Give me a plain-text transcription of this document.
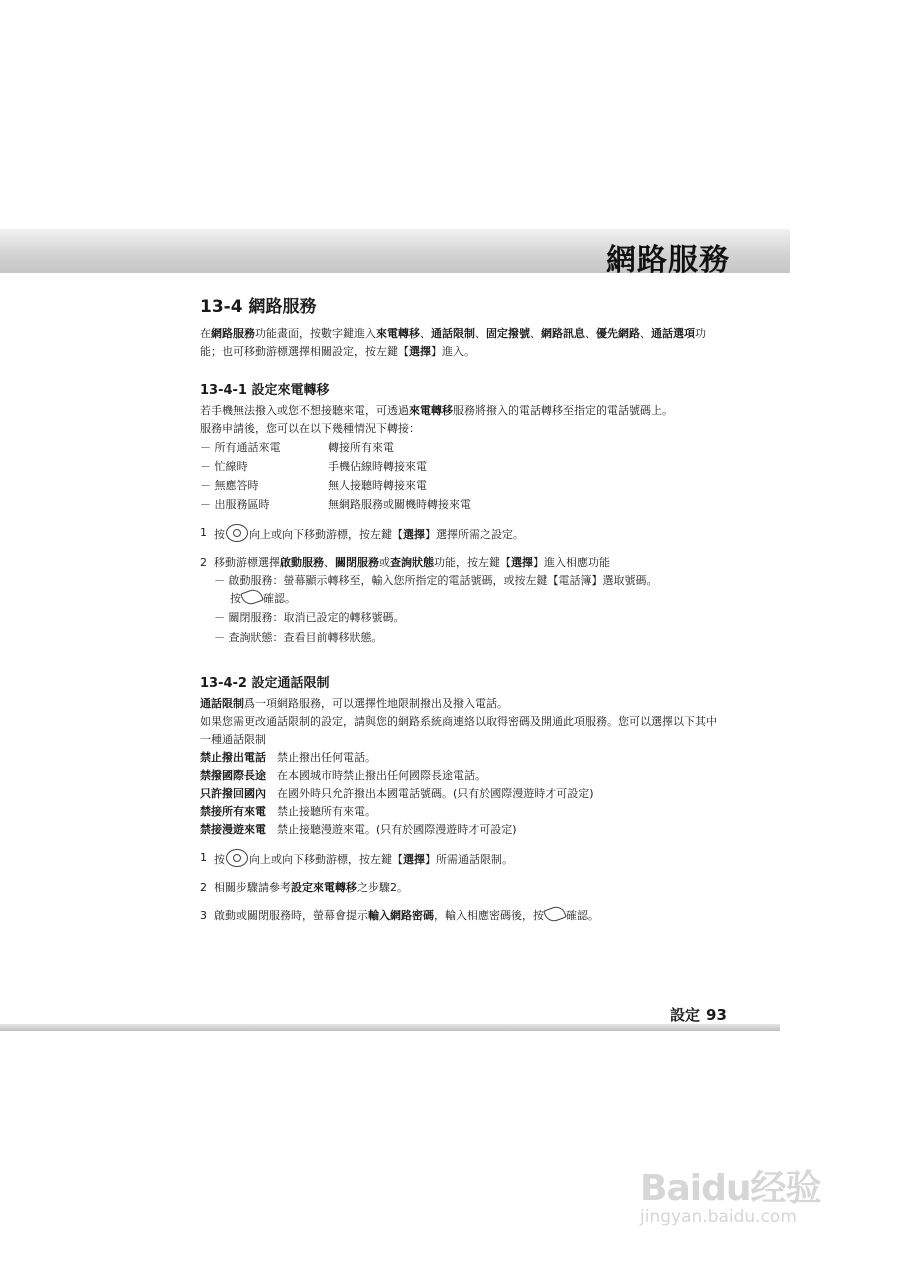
網路服務
13-4 網路服務

在網路服務功能畫面，按數字鍵進入來電轉移、通話限制、固定撥號、網路訊息、優先網路、通話選項功能；也可移動游標選擇相關設定，按左鍵【選擇】進入。

13-4-1 設定來電轉移

若手機無法撥入或您不想接聽來電，可透過來電轉移服務將撥入的電話轉移至指定的電話號碼上。

服務申請後，您可以在以下幾種情況下轉接：

－ 所有通話來電	轉接所有來電
－ 忙線時	手機佔線時轉接來電
－ 無應答時	無人接聽時轉接來電
－ 出服務區時	無網路服務或關機時轉接來電
1 按 向上或向下移動游標，按左鍵【選擇】選擇所需之設定。
2 移動游標選擇啟動服務、關閉服務或查詢狀態功能，按左鍵【選擇】進入相應功能
－ 啟動服務：螢幕顯示轉移至，輸入您所指定的電話號碼，或按左鍵【電話簿】選取號碼。
按 確認。
－ 關閉服務：取消已設定的轉移號碼。
－ 查詢狀態：查看目前轉移狀態。
13-4-2 設定通話限制

通話限制爲一項網路服務，可以選擇性地限制撥出及撥入電話。

如果您需更改通話限制的設定，請與您的網路系統商連絡以取得密碼及開通此項服務。您可以選擇以下其中一種通話限制

禁止撥出電話　 禁止撥出任何電話。
禁撥國際長途　 在本國城市時禁止撥出任何國際長途電話。
只許撥回國內　 在國外時只允許撥出本國電話號碼。(只有於國際漫遊時才可設定)
禁接所有來電　 禁止接聽所有來電。
禁接漫遊來電　 禁止接聽漫遊來電。(只有於國際漫遊時才可設定)
1 按 向上或向下移動游標，按左鍵【選擇】所需通話限制。
2 相關步驟請參考設定來電轉移之步驟2。
3 啟動或關閉服務時，螢幕會提示輸入網路密碼，輸入相應密碼後，按 確認。
設定 93
Baidu经验
jingyan.baidu.com
